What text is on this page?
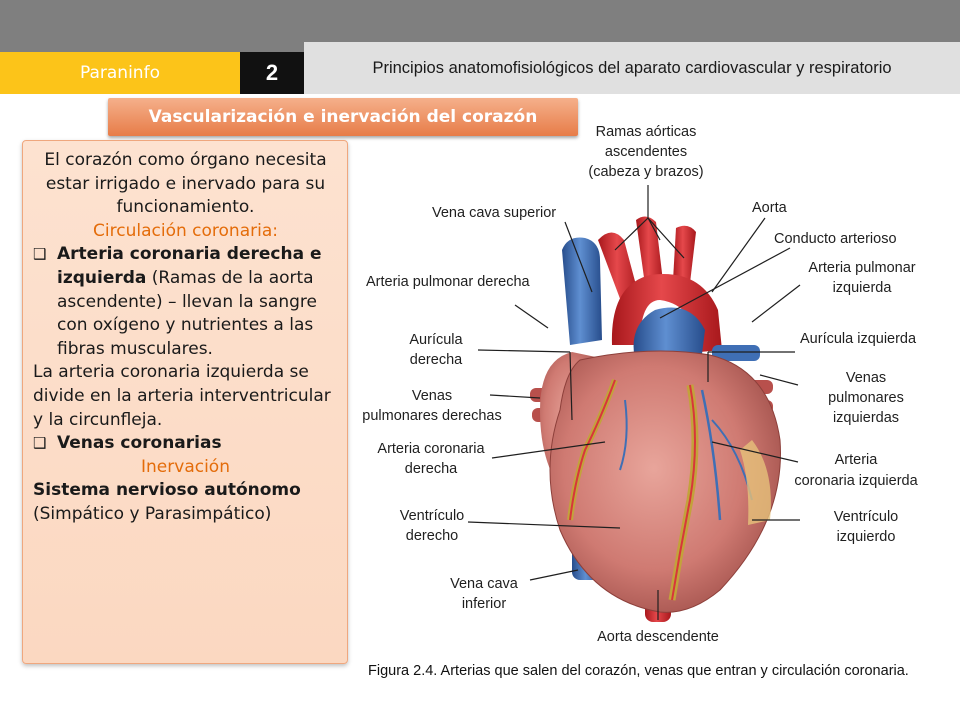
Paraninfo	2	Principios anatomofisiológicos del aparato cardiovascular y respiratorio
Vascularización e inervación del corazón
El corazón como órgano necesita estar irrigado e inervado para su funcionamiento.
Circulación coronaria:
❑ Arteria coronaria derecha e izquierda (Ramas de la aorta ascendente) – llevan la sangre con oxígeno y nutrientes a las fibras musculares.
La arteria coronaria izquierda se divide en la arteria interventricular y la circunfleja.
❑ Venas coronarias
Inervación
Sistema nervioso autónomo
(Simpático y Parasimpático)
Ramas aórticas
ascendentes
(cabeza y brazos)
Vena cava superior	Aorta
Conducto arterioso
Arteria pulmonar derecha
Arteria pulmonar
izquierda
Aurícula
derecha
Aurícula izquierda
Venas
pulmonares derechas
Venas
pulmonares
izquierdas
Arteria coronaria
derecha
Arteria
coronaria izquierda
Ventrículo
derecho
Ventrículo
izquierdo
Vena cava
inferior
Aorta descendente
Figura 2.4. Arterias que salen del corazón, venas que entran y circulación coronaria.
